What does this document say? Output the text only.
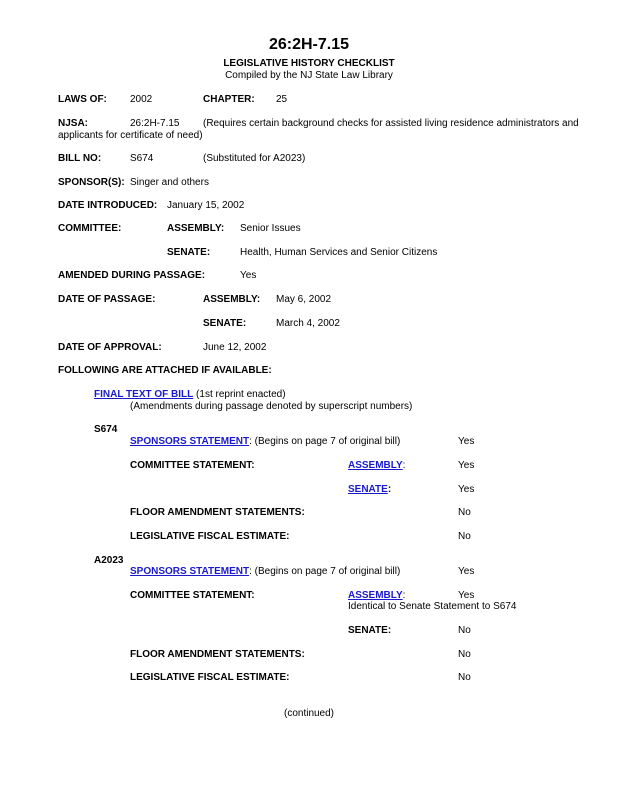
26:2H-7.15
LEGISLATIVE HISTORY CHECKLIST
Compiled by the NJ State Law Library
LAWS OF: 2002	CHAPTER: 25
NJSA:	26:2H-7.15 (Requires certain background checks for assisted living residence administrators and
applicants for certificate of need)
BILL NO:	S674	(Substituted for A2023)
SPONSOR(S): Singer and others
DATE INTRODUCED: January 15, 2002
COMMITTEE:	ASSEMBLY: Senior Issues
SENATE:	Health, Human Services and Senior Citizens
AMENDED DURING PASSAGE:	Yes
DATE OF PASSAGE:	ASSEMBLY: May 6, 2002
SENATE:	March 4, 2002
DATE OF APPROVAL:	June 12, 2002
FOLLOWING ARE ATTACHED IF AVAILABLE:
FINAL TEXT OF BILL (1st reprint enacted)
(Amendments during passage denoted by superscript numbers)
S674
SPONSORS STATEMENT: (Begins on page 7 of original bill)	Yes
COMMITTEE STATEMENT:	ASSEMBLY:	Yes
SENATE:	Yes
FLOOR AMENDMENT STATEMENTS:	No
LEGISLATIVE FISCAL ESTIMATE:	No
A2023
SPONSORS STATEMENT: (Begins on page 7 of original bill)	Yes
COMMITTEE STATEMENT:	ASSEMBLY:	Yes
Identical to Senate Statement to S674
SENATE:	No
FLOOR AMENDMENT STATEMENTS:	No
LEGISLATIVE FISCAL ESTIMATE:	No
(continued)
